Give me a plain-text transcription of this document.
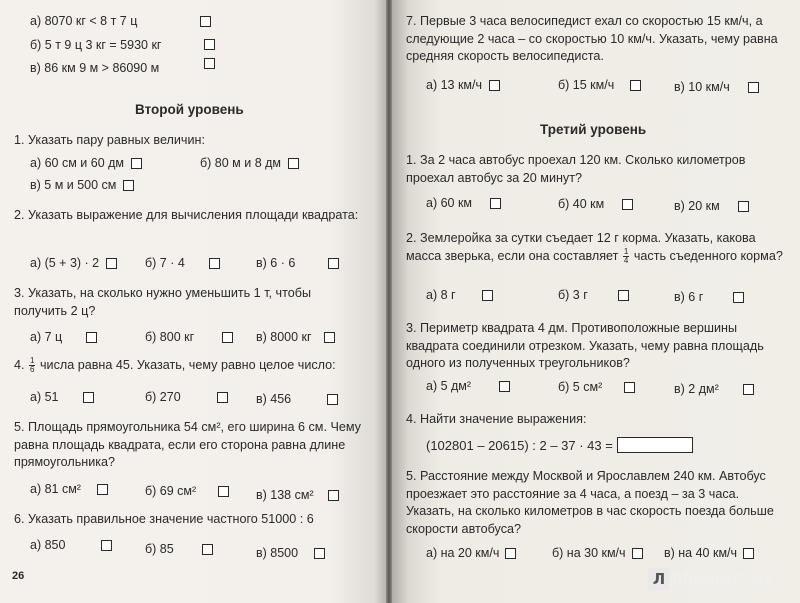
а) 8070 кг < 8 т 7 ц
б) 5 т 9 ц 3 кг = 5930 кг
в) 86 км 9 м > 86090 м
Второй уровень
1. Указать пару равных величин:
а) 60 см и 60 дм	б) 80 м и 8 дм
в) 5 м и 500 см
2. Указать выражение для вычисления площади квадрата:
а) (5 + 3) · 2	б) 7 · 4	в) 6 · 6
3. Указать, на сколько нужно уменьшить 1 т, чтобы получить 2 ц?
а) 7 ц	б) 800 кг	в) 8000 кг
4. $\frac{1}{6}$ числа равна 45. Указать, чему равно целое число:
а) 51	б) 270	в) 456
5. Площадь прямоугольника 54 см², его ширина 6 см. Чему равна площадь квадрата, если его сторона равна длине прямоугольника?
а) 81 см²	б) 69 см²	в) 138 см²
6. Указать правильное значение частного 51000 : 6
а) 850	б) 85	в) 8500
26
7. Первые 3 часа велосипедист ехал со скоростью 15 км/ч, а следующие 2 часа – со скоростью 10 км/ч. Указать, чему равна средняя скорость велосипедиста.
а) 13 км/ч	б) 15 км/ч	в) 10 км/ч
Третий уровень
1. За 2 часа автобус проехал 120 км. Сколько километров проехал автобус за 20 минут?
а) 60 км	б) 40 км	в) 20 км
2. Землеройка за сутки съедает 12 г корма. Указать, какова масса зверька, если она составляет $\frac{1}{4}$ часть съеденного корма?
а) 8 г	б) 3 г	в) 6 г
3. Периметр квадрата 4 дм. Противоположные вершины квадрата соединили отрезком. Указать, чему равна площадь одного из полученных треугольников?
а) 5 дм²	б) 5 см²	в) 2 дм²
4. Найти значение выражения:
(102801 – 20615) : 2 – 37 · 43 =
5. Расстояние между Москвой и Ярославлем 240 км. Автобус проезжает это расстояние за 4 часа, а поезд – за 3 часа. Указать, на сколько километров в час скорость поезда больше скорости автобуса?
а) на 20 км/ч	б) на 30 км/ч	в) на 40 км/ч
Л абиринт.ру
